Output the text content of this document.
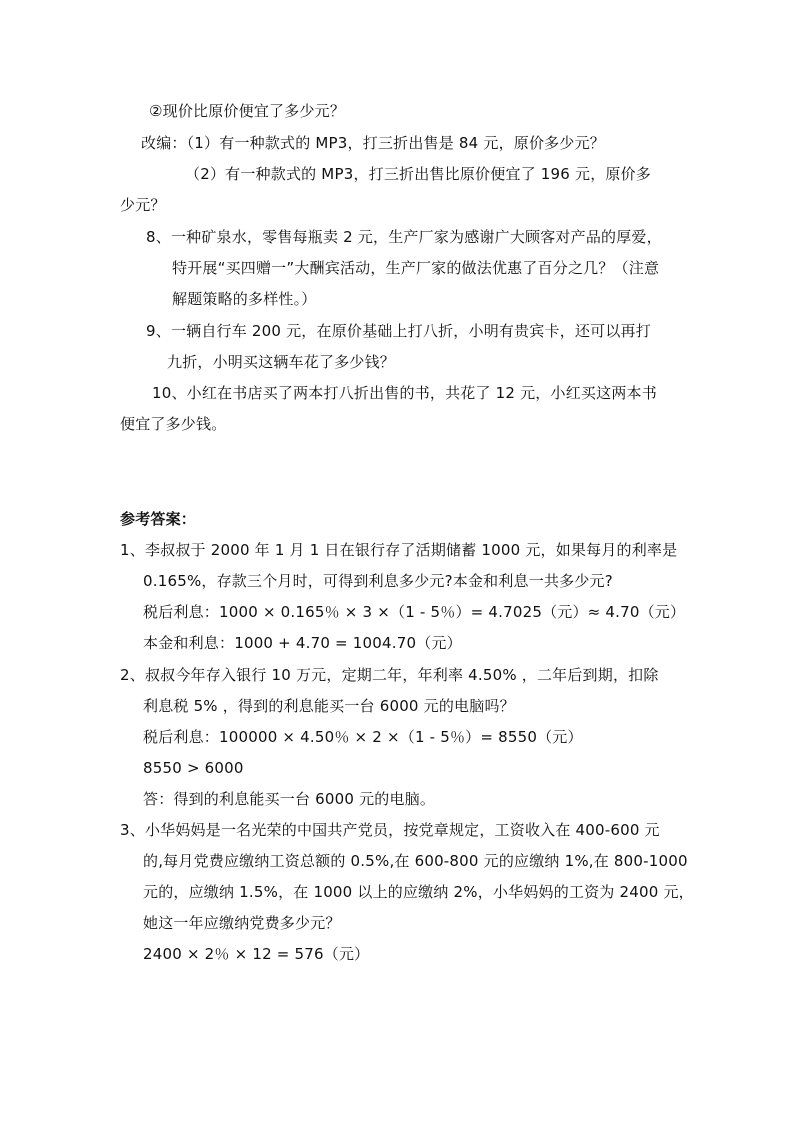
②现价比原价便宜了多少元？
改编：（1）有一种款式的 MP3，打三折出售是 84 元，原价多少元？
（2）有一种款式的 MP3，打三折出售比原价便宜了 196 元，原价多
少元？
8、一种矿泉水，零售每瓶卖 2 元，生产厂家为感谢广大顾客对产品的厚爱，
特开展“买四赠一”大酬宾活动，生产厂家的做法优惠了百分之几？（注意
解题策略的多样性。）
9、一辆自行车 200 元，在原价基础上打八折，小明有贵宾卡，还可以再打
九折，小明买这辆车花了多少钱？
10、小红在书店买了两本打八折出售的书，共花了 12 元，小红买这两本书
便宜了多少钱。
参考答案：
1、李叔叔于 2000 年 1 月 1 日在银行存了活期储蓄 1000 元，如果每月的利率是
0.165%，存款三个月时，可得到利息多少元?本金和利息一共多少元?
税后利息：1000 × 0.165％ × 3 ×（1 - 5％）= 4.7025（元）≈ 4.70（元）
本金和利息：1000 + 4.70 = 1004.70（元）
2、叔叔今年存入银行 10 万元，定期二年，年利率 4.50% ，二年后到期，扣除
利息税 5% ，得到的利息能买一台 6000 元的电脑吗？
税后利息：100000 × 4.50％ × 2 ×（1 - 5％）= 8550（元）
8550 > 6000
答：得到的利息能买一台 6000 元的电脑。
3、小华妈妈是一名光荣的中国共产党员，按党章规定，工资收入在 400-600 元
的,每月党费应缴纳工资总额的 0.5%,在 600-800 元的应缴纳 1%,在 800-1000
元的，应缴纳 1.5%，在 1000 以上的应缴纳 2%，小华妈妈的工资为 2400 元，
她这一年应缴纳党费多少元？
2400 × 2％ × 12 = 576（元）
